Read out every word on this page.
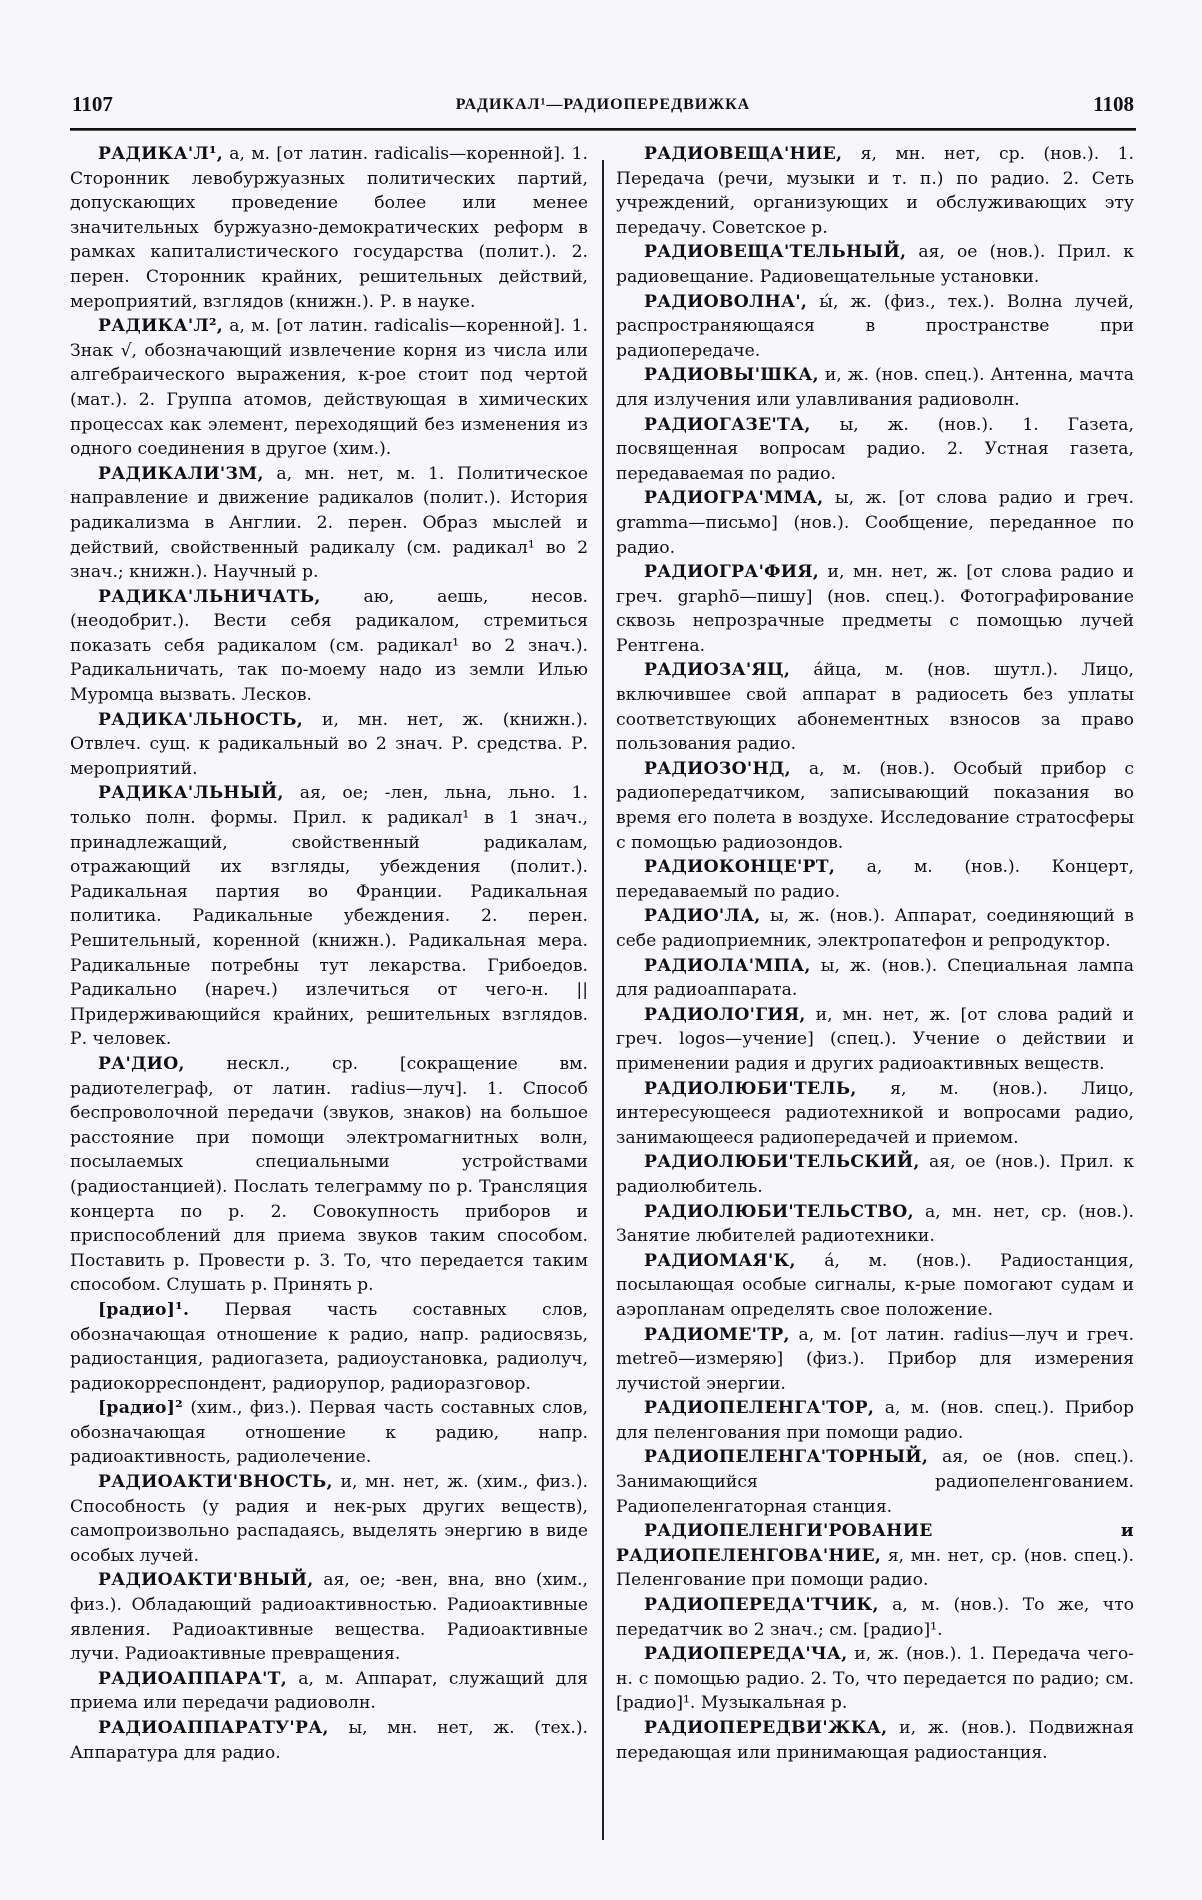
1107	РАДИКАЛ¹—РАДИОПЕРЕДВИЖКА	1108

РАДИКА'Л¹, а, м. [от латин. radicalis—коренной]. 1. Сторонник левобуржуазных политических партий, допускающих проведение более или менее значительных буржуазно-демократических реформ в рамках капиталистического государства (полит.). 2. перен. Сторонник крайних, решительных действий, мероприятий, взглядов (книжн.). Р. в науке.

РАДИКА'Л², а, м. [от латин. radicalis—коренной]. 1. Знак √, обозначающий извлечение корня из числа или алгебраического выражения, к-рое стоит под чертой (мат.). 2. Группа атомов, действующая в химических процессах как элемент, переходящий без изменения из одного соединения в другое (хим.).

РАДИКАЛИ'ЗМ, а, мн. нет, м. 1. Политическое направление и движение радикалов (полит.). История радикализма в Англии. 2. перен. Образ мыслей и действий, свойственный радикалу (см. радикал¹ во 2 знач.; книжн.). Научный р.

РАДИКА'ЛЬНИЧАТЬ, аю, аешь, несов. (неодобрит.). Вести себя радикалом, стремиться показать себя радикалом (см. радикал¹ во 2 знач.). Радикальничать, так по-моему надо из земли Илью Муромца вызвать. Лесков.

РАДИКА'ЛЬНОСТЬ, и, мн. нет, ж. (книжн.). Отвлеч. сущ. к радикальный во 2 знач. Р. средства. Р. мероприятий.

РАДИКА'ЛЬНЫЙ, ая, ое; -лен, льна, льно. 1. только полн. формы. Прил. к радикал¹ в 1 знач., принадлежащий, свойственный радикалам, отражающий их взгляды, убеждения (полит.). Радикальная партия во Франции. Радикальная политика. Радикальные убеждения. 2. перен. Решительный, коренной (книжн.). Радикальная мера. Радикальные потребны тут лекарства. Грибоедов. Радикально (нареч.) излечиться от чего-н. || Придерживающийся крайних, решительных взглядов. Р. человек.

РА'ДИО, нескл., ср. [сокращение вм. радиотелеграф, от латин. radius—луч]. 1. Способ беспроволочной передачи (звуков, знаков) на большое расстояние при помощи электромагнитных волн, посылаемых специальными устройствами (радиостанцией). Послать телеграмму по р. Трансляция концерта по р. 2. Совокупность приборов и приспособлений для приема звуков таким способом. Поставить р. Провести р. 3. То, что передается таким способом. Слушать р. Принять р.

[радио]¹. Первая часть составных слов, обозначающая отношение к радио, напр. радиосвязь, радиостанция, радиогазета, радиоустановка, радиолуч, радиокорреспондент, радиорупор, радиоразговор.

[радио]² (хим., физ.). Первая часть составных слов, обозначающая отношение к радию, напр. радиоактивность, радиолечение.

РАДИОАКТИ'ВНОСТЬ, и, мн. нет, ж. (хим., физ.). Способность (у радия и нек-рых других веществ), самопроизвольно распадаясь, выделять энергию в виде особых лучей.

РАДИОАКТИ'ВНЫЙ, ая, ое; -вен, вна, вно (хим., физ.). Обладающий радиоактивностью. Радиоактивные явления. Радиоактивные вещества. Радиоактивные лучи. Радиоактивные превращения.

РАДИОАППАРА'Т, а, м. Аппарат, служащий для приема или передачи радиоволн.

РАДИОАППАРАТУ'РА, ы, мн. нет, ж. (тех.). Аппаратура для радио.

РАДИОВЕЩА'НИЕ, я, мн. нет, ср. (нов.). 1. Передача (речи, музыки и т. п.) по радио. 2. Сеть учреждений, организующих и обслуживающих эту передачу. Советское р.

РАДИОВЕЩА'ТЕЛЬНЫЙ, ая, ое (нов.). Прил. к радиовещание. Радиовещательные установки.

РАДИОВОЛНА', ы́, ж. (физ., тех.). Волна лучей, распространяющаяся в пространстве при радиопередаче.

РАДИОВЫ'ШКА, и, ж. (нов. спец.). Антенна, мачта для излучения или улавливания радиоволн.

РАДИОГАЗЕ'ТА, ы, ж. (нов.). 1. Газета, посвященная вопросам радио. 2. Устная газета, передаваемая по радио.

РАДИОГРА'ММА, ы, ж. [от слова радио и греч. gramma—письмо] (нов.). Сообщение, переданное по радио.

РАДИОГРА'ФИЯ, и, мн. нет, ж. [от слова радио и греч. graphō—пишу] (нов. спец.). Фотографирование сквозь непрозрачные предметы с помощью лучей Рентгена.

РАДИОЗА'ЯЦ, а́йца, м. (нов. шутл.). Лицо, включившее свой аппарат в радиосеть без уплаты соответствующих абонементных взносов за право пользования радио.

РАДИОЗО'НД, а, м. (нов.). Особый прибор с радиопередатчиком, записывающий показания во время его полета в воздухе. Исследование стратосферы с помощью радиозондов.

РАДИОКОНЦЕ'РТ, а, м. (нов.). Концерт, передаваемый по радио.

РАДИО'ЛА, ы, ж. (нов.). Аппарат, соединяющий в себе радиоприемник, электропатефон и репродуктор.

РАДИОЛА'МПА, ы, ж. (нов.). Специальная лампа для радиоаппарата.

РАДИОЛО'ГИЯ, и, мн. нет, ж. [от слова радий и греч. logos—учение] (спец.). Учение о действии и применении радия и других радиоактивных веществ.

РАДИОЛЮБИ'ТЕЛЬ, я, м. (нов.). Лицо, интересующееся радиотехникой и вопросами радио, занимающееся радиопередачей и приемом.

РАДИОЛЮБИ'ТЕЛЬСКИЙ, ая, ое (нов.). Прил. к радиолюбитель.

РАДИОЛЮБИ'ТЕЛЬСТВО, а, мн. нет, ср. (нов.). Занятие любителей радиотехники.

РАДИОМАЯ'К, а́, м. (нов.). Радиостанция, посылающая особые сигналы, к-рые помогают судам и аэропланам определять свое положение.

РАДИОМЕ'ТР, а, м. [от латин. radius—луч и греч. metreō—измеряю] (физ.). Прибор для измерения лучистой энергии.

РАДИОПЕЛЕНГА'ТОР, а, м. (нов. спец.). Прибор для пеленгования при помощи радио.

РАДИОПЕЛЕНГА'ТОРНЫЙ, ая, ое (нов. спец.). Занимающийся радиопеленгованием. Радиопеленгаторная станция.

РАДИОПЕЛЕНГИ'РОВАНИЕ и РАДИОПЕЛЕНГОВА'НИЕ, я, мн. нет, ср. (нов. спец.). Пеленгование при помощи радио.

РАДИОПЕРЕДА'ТЧИК, а, м. (нов.). То же, что передатчик во 2 знач.; см. [радио]¹.

РАДИОПЕРЕДА'ЧА, и, ж. (нов.). 1. Передача чего-н. с помощью радио. 2. То, что передается по радио; см. [радио]¹. Музыкальная р.

РАДИОПЕРЕДВИ'ЖКА, и, ж. (нов.). Подвижная передающая или принимающая радиостанция.
